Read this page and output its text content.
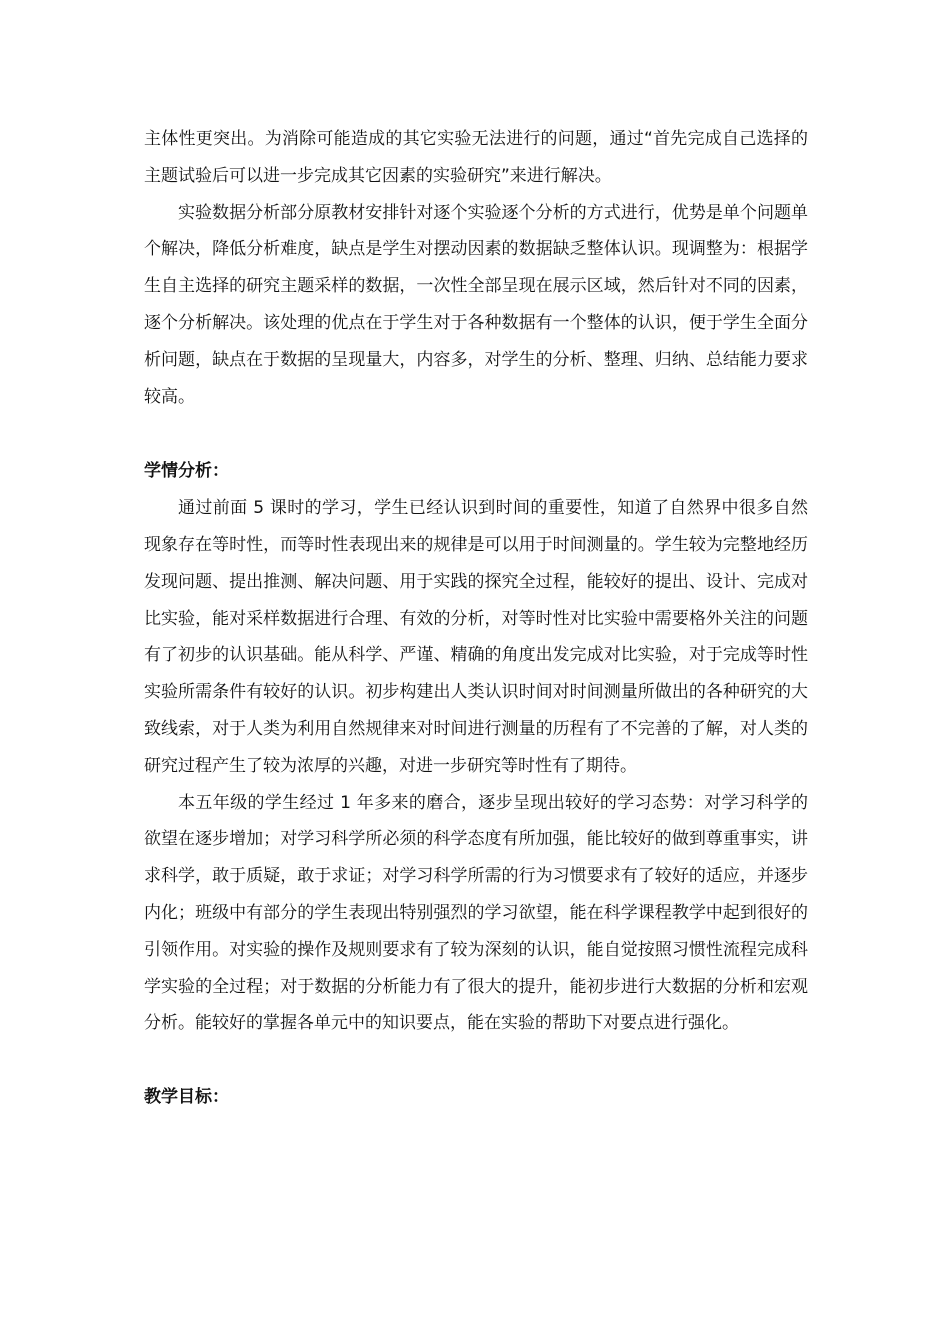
主体性更突出。为消除可能造成的其它实验无法进行的问题，通过“首先完成自己选择的主题试验后可以进一步完成其它因素的实验研究”来进行解决。

实验数据分析部分原教材安排针对逐个实验逐个分析的方式进行，优势是单个问题单个解决，降低分析难度，缺点是学生对摆动因素的数据缺乏整体认识。现调整为：根据学生自主选择的研究主题采样的数据，一次性全部呈现在展示区域，然后针对不同的因素，逐个分析解决。该处理的优点在于学生对于各种数据有一个整体的认识，便于学生全面分析问题，缺点在于数据的呈现量大，内容多，对学生的分析、整理、归纳、总结能力要求较高。

学情分析：

通过前面 5 课时的学习，学生已经认识到时间的重要性，知道了自然界中很多自然现象存在等时性，而等时性表现出来的规律是可以用于时间测量的。学生较为完整地经历发现问题、提出推测、解决问题、用于实践的探究全过程，能较好的提出、设计、完成对比实验，能对采样数据进行合理、有效的分析，对等时性对比实验中需要格外关注的问题有了初步的认识基础。能从科学、严谨、精确的角度出发完成对比实验，对于完成等时性实验所需条件有较好的认识。初步构建出人类认识时间对时间测量所做出的各种研究的大致线索，对于人类为利用自然规律来对时间进行测量的历程有了不完善的了解，对人类的研究过程产生了较为浓厚的兴趣，对进一步研究等时性有了期待。

本五年级的学生经过 1 年多来的磨合，逐步呈现出较好的学习态势：对学习科学的欲望在逐步增加；对学习科学所必须的科学态度有所加强，能比较好的做到尊重事实，讲求科学，敢于质疑，敢于求证；对学习科学所需的行为习惯要求有了较好的适应，并逐步内化；班级中有部分的学生表现出特别强烈的学习欲望，能在科学课程教学中起到很好的引领作用。对实验的操作及规则要求有了较为深刻的认识，能自觉按照习惯性流程完成科学实验的全过程；对于数据的分析能力有了很大的提升，能初步进行大数据的分析和宏观分析。能较好的掌握各单元中的知识要点，能在实验的帮助下对要点进行强化。

教学目标：
